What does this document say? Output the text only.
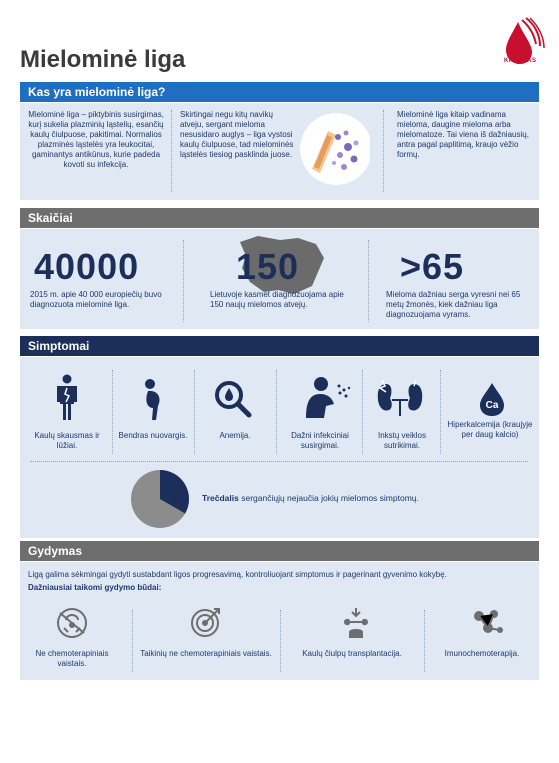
Mielominė liga	KRAUJAS
Kas yra mielominė liga?
Mielominė liga – piktybinis susirgimas, kurį sukelia plazminių ląstelių, esančių kaulų čiulpuose, pakitimai. Normalios plazminės ląstelės yra leukocitai, gaminantys antikūnus, kurie padeda kovoti su infekcija.
Skirtingai negu kitų navikų atveju, sergant mieloma nesusidaro auglys – liga vystosi kaulų čiulpuose, tad mielominės ląstelės tiesiog pasklinda juose.
Mielominė liga kitaip vadinama mieloma, daugine mieloma arba mielomatoze. Tai viena iš dažniausių, antra pagal paplitimą, kraujo vėžio formų.
Skaičiai
40000
2015 m. apie 40 000 europiečių buvo diagnozuota mielominė liga.
150
Lietuvoje kasmet diagnozuojama apie 150 naujų mielomos atvejų.
>65
Mieloma dažniau serga vyresni nei 65 metų žmonės, kiek dažniau liga diagnozuojama vyrams.
Simptomai
Kaulų skausmas ir lūžiai.
Bendras nuovargis.	Anemija.	Dažni infekciniai susirgimai.
Inkstų veiklos sutrikimai.
Ca
Hiperkalcemija (kraujyje per daug kalcio)
Trečdalis sergančiųjų nejaučia jokių mielomos simptomų.
Gydymas
Ligą galima sėkmingai gydyti sustabdant ligos progresavimą, kontroliuojant simptomus ir pagerinant gyvenimo kokybę.
Dažniausiai taikomi gydymo būdai:
Ne chemoterapiniais vaistais.
Taikinių ne chemoterapiniais vaistais.	Kaulų čiulpų transplantacija.	Imunochemoterapija.
